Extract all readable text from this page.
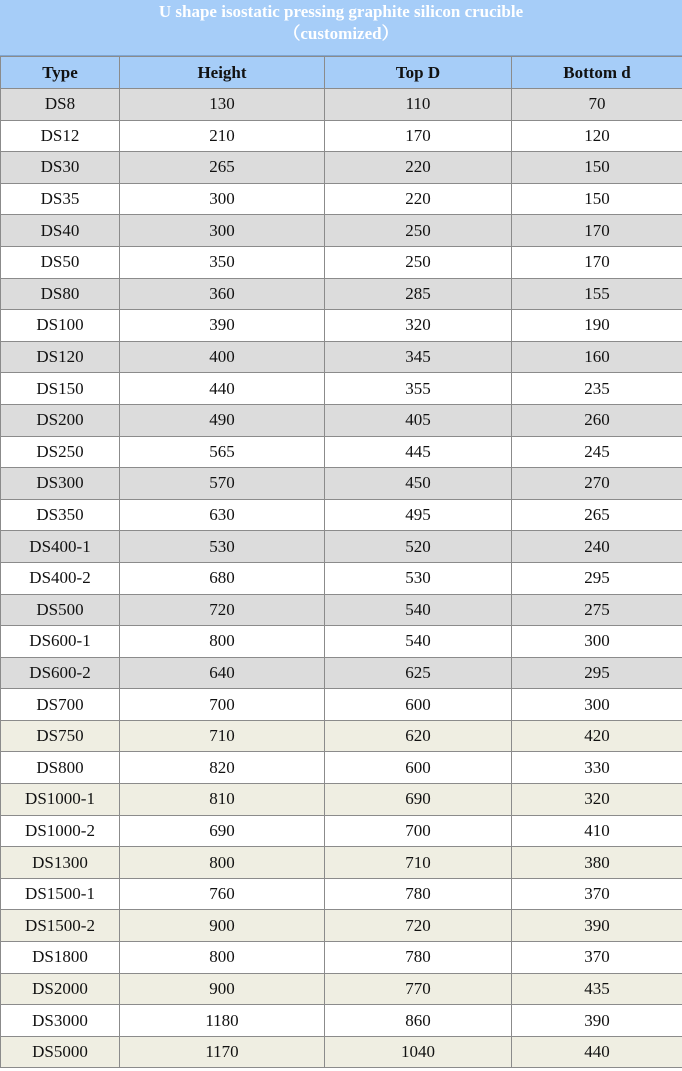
U shape isostatic pressing graphite silicon crucible
（customized）
Type	Height	Top D	Bottom d
DS8	130	110	70
DS12	210	170	120
DS30	265	220	150
DS35	300	220	150
DS40	300	250	170
DS50	350	250	170
DS80	360	285	155
DS100	390	320	190
DS120	400	345	160
DS150	440	355	235
DS200	490	405	260
DS250	565	445	245
DS300	570	450	270
DS350	630	495	265
DS400-1	530	520	240
DS400-2	680	530	295
DS500	720	540	275
DS600-1	800	540	300
DS600-2	640	625	295
DS700	700	600	300
DS750	710	620	420
DS800	820	600	330
DS1000-1	810	690	320
DS1000-2	690	700	410
DS1300	800	710	380
DS1500-1	760	780	370
DS1500-2	900	720	390
DS1800	800	780	370
DS2000	900	770	435
DS3000	1180	860	390
DS5000	1170	1040	440
